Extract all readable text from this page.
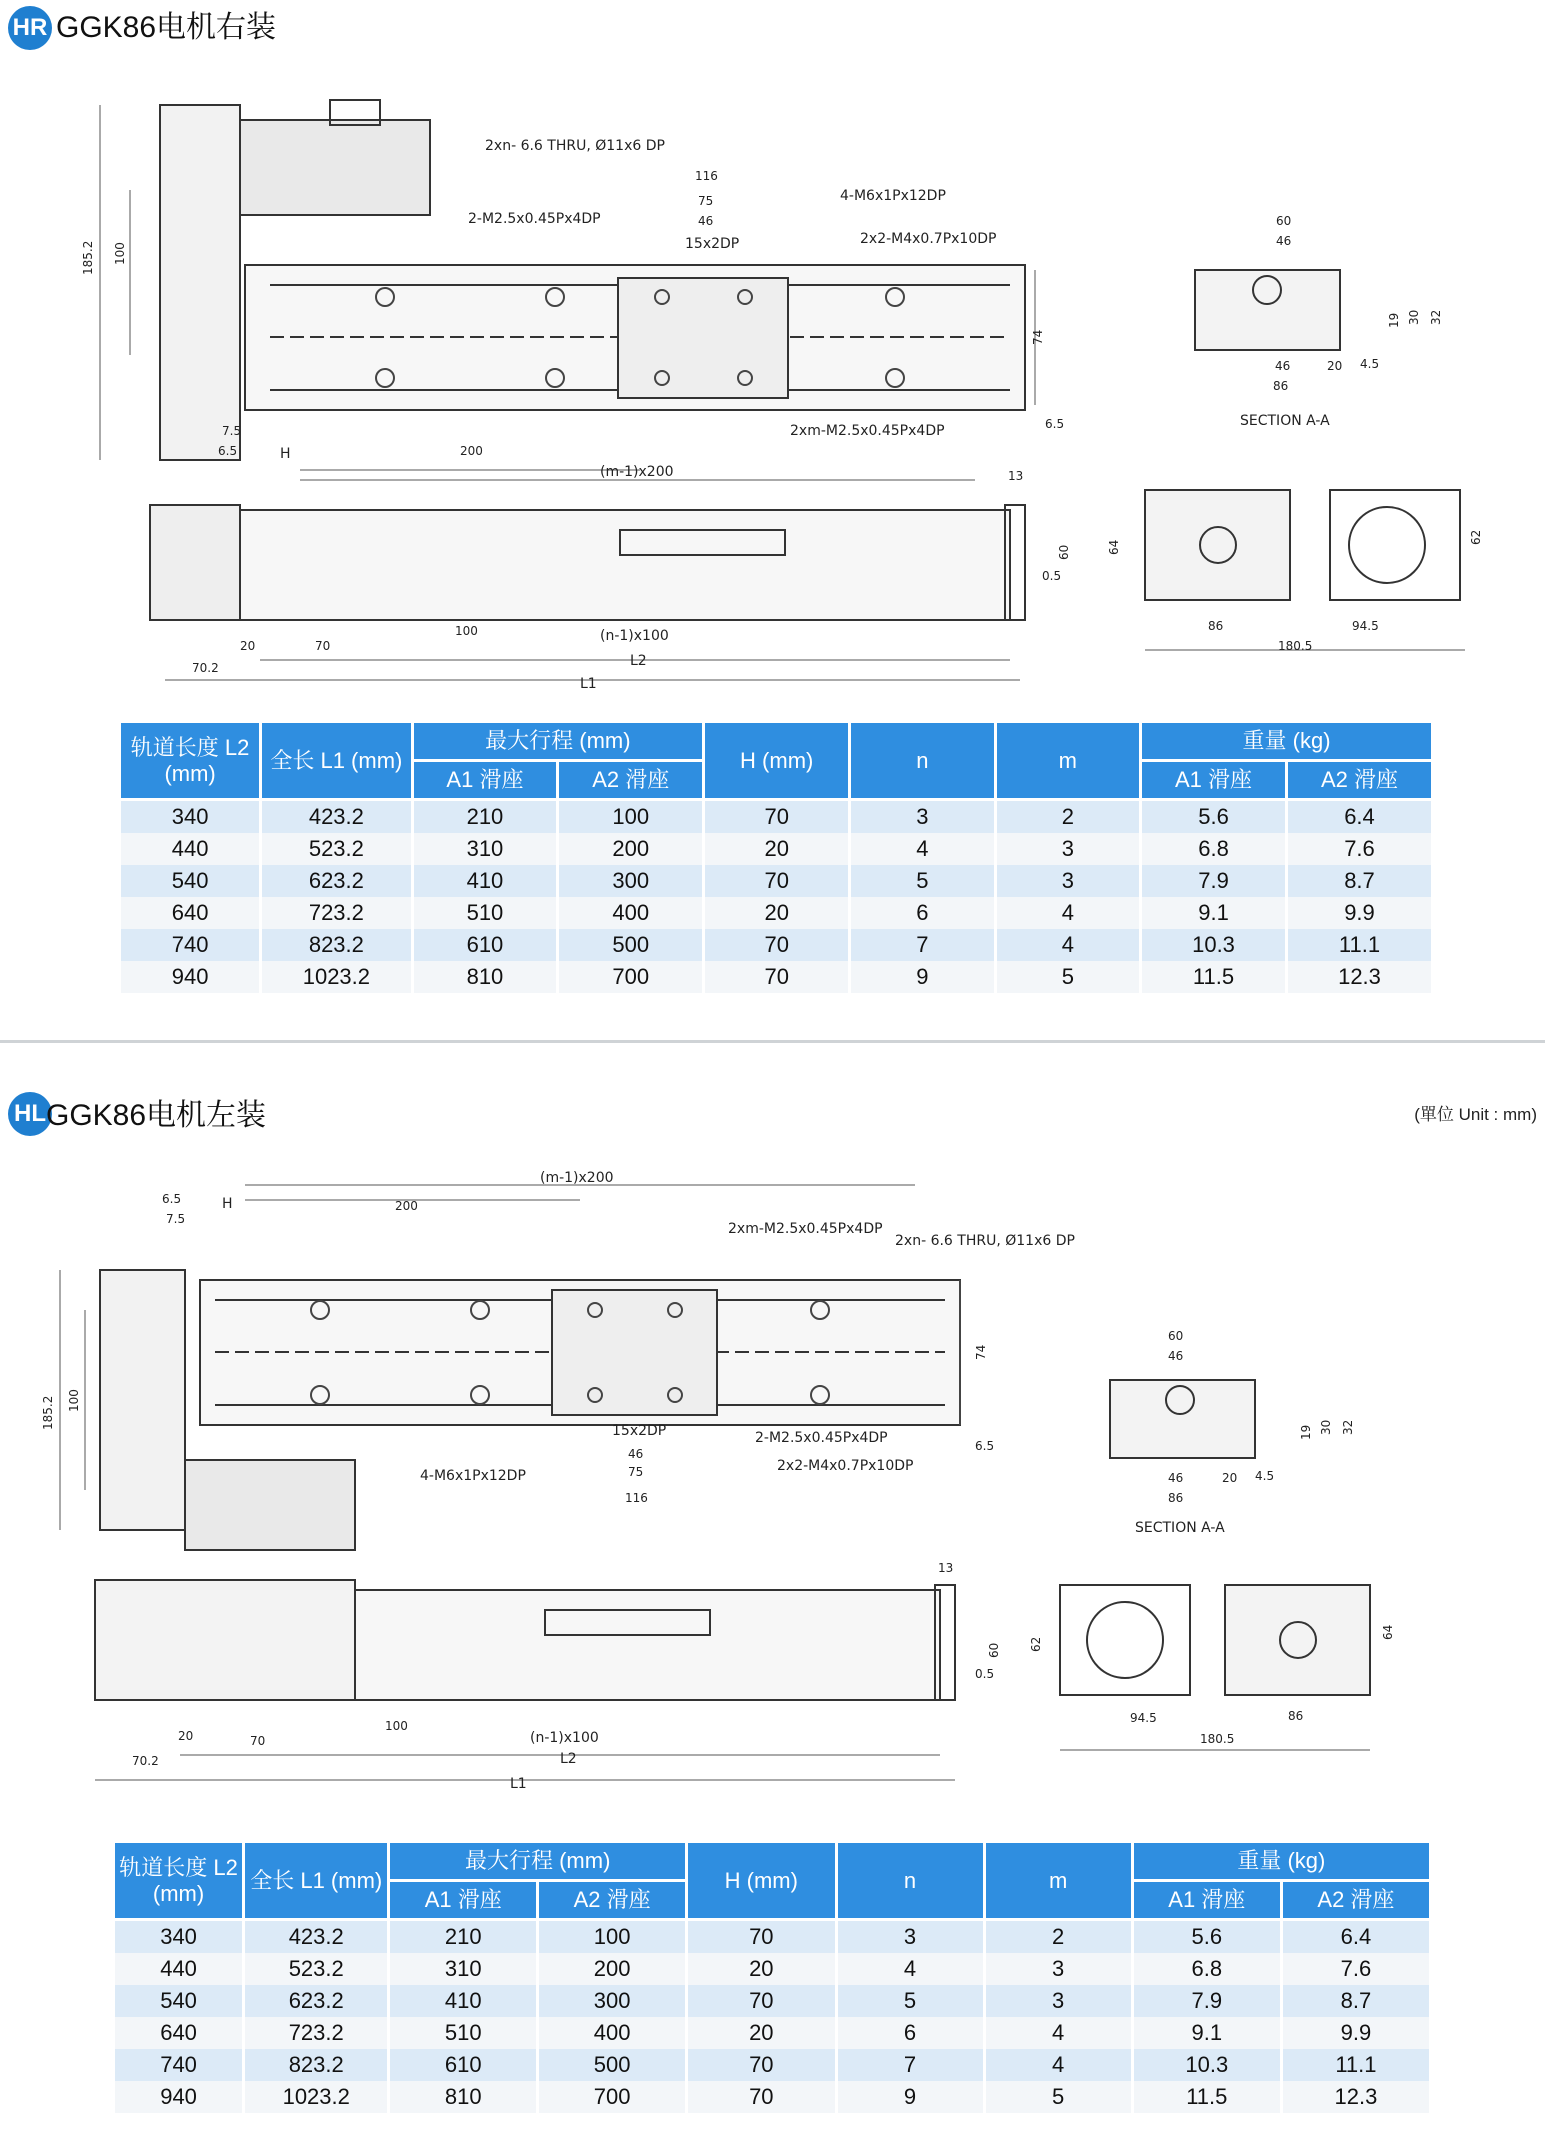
HR GGK86电机右装
2xn- 6.6 THRU, Ø11x6 DP
2-M2.5x0.45Px4DP
4-M6x1Px12DP
2x2-M4x0.7Px10DP
2xm-M2.5x0.45Px4DP
15x2DP
SECTION A-A
(m-1)x200
(n-1)x100
L1
L2
H
185.2 100
116
75
46
74
7.5
6.5	200
6.5
60
46
19 30 32
46	20 4.5
86
13
60
0.5
64
62
20	70
100
70.2
86	94.5
180.5
轨道长度 L2 (mm)	全长 L1 (mm)	最大行程 (mm)		H (mm)	n	m	重量 (kg)	
		A1 滑座	A2 滑座				A1 滑座	A2 滑座
340	423.2	210	100	70	3	2	5.6	6.4
440	523.2	310	200	20	4	3	6.8	7.6
540	623.2	410	300	70	5	3	7.9	8.7
640	723.2	510	400	20	6	4	9.1	9.9
740	823.2	610	500	70	7	4	10.3	11.1
940	1023.2	810	700	70	9	5	11.5	12.3
HL GGK86电机左装	(單位 Unit : mm)
2xn- 6.6 THRU, Ø11x6 DP
2xm-M2.5x0.45Px4DP
4-M6x1Px12DP
2-M2.5x0.45Px4DP
2x2-M4x0.7Px10DP
15x2DP
SECTION A-A
(m-1)x200
(n-1)x100
L1
L2
H
6.5
7.5
200
185.2 100
74
6.5
46
75
116
60
46
19 30 32
46	20 4.5
86
13
60
0.5
62
64
20	70
100
70.2
94.5	86
180.5
轨道长度 L2 (mm)	全长 L1 (mm)	最大行程 (mm)		H (mm)	n	m	重量 (kg)	
		A1 滑座	A2 滑座				A1 滑座	A2 滑座
340	423.2	210	100	70	3	2	5.6	6.4
440	523.2	310	200	20	4	3	6.8	7.6
540	623.2	410	300	70	5	3	7.9	8.7
640	723.2	510	400	20	6	4	9.1	9.9
740	823.2	610	500	70	7	4	10.3	11.1
940	1023.2	810	700	70	9	5	11.5	12.3
